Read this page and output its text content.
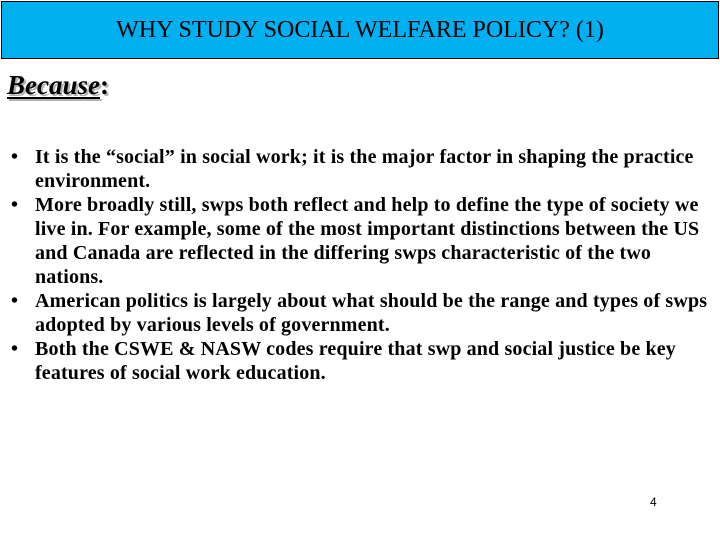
WHY STUDY SOCIAL WELFARE POLICY? (1)
Because:
• It is the “social” in social work; it is the major factor in shaping the practice environment.
• More broadly still, swps both reflect and help to define the type of society we live in. For example, some of the most important distinctions between the US and Canada are reflected in the differing swps characteristic of the two nations.
• American politics is largely about what should be the range and types of swps adopted by various levels of government.
• Both the CSWE & NASW codes require that swp and social justice be key features of social work education.
4
